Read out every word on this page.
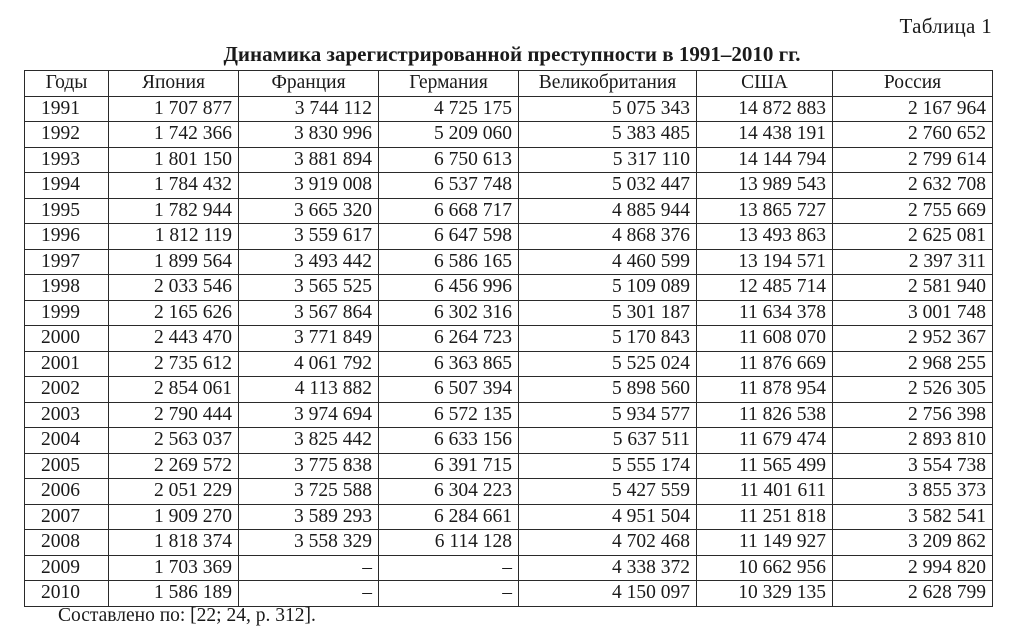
Таблица 1
Динамика зарегистрированной преступности в 1991–2010 гг.
Годы	Япония	Франция	Германия	Великобритания	США	Россия
1991	1 707 877	3 744 112	4 725 175	5 075 343	14 872 883	2 167 964
1992	1 742 366	3 830 996	5 209 060	5 383 485	14 438 191	2 760 652
1993	1 801 150	3 881 894	6 750 613	5 317 110	14 144 794	2 799 614
1994	1 784 432	3 919 008	6 537 748	5 032 447	13 989 543	2 632 708
1995	1 782 944	3 665 320	6 668 717	4 885 944	13 865 727	2 755 669
1996	1 812 119	3 559 617	6 647 598	4 868 376	13 493 863	2 625 081
1997	1 899 564	3 493 442	6 586 165	4 460 599	13 194 571	2 397 311
1998	2 033 546	3 565 525	6 456 996	5 109 089	12 485 714	2 581 940
1999	2 165 626	3 567 864	6 302 316	5 301 187	11 634 378	3 001 748
2000	2 443 470	3 771 849	6 264 723	5 170 843	11 608 070	2 952 367
2001	2 735 612	4 061 792	6 363 865	5 525 024	11 876 669	2 968 255
2002	2 854 061	4 113 882	6 507 394	5 898 560	11 878 954	2 526 305
2003	2 790 444	3 974 694	6 572 135	5 934 577	11 826 538	2 756 398
2004	2 563 037	3 825 442	6 633 156	5 637 511	11 679 474	2 893 810
2005	2 269 572	3 775 838	6 391 715	5 555 174	11 565 499	3 554 738
2006	2 051 229	3 725 588	6 304 223	5 427 559	11 401 611	3 855 373
2007	1 909 270	3 589 293	6 284 661	4 951 504	11 251 818	3 582 541
2008	1 818 374	3 558 329	6 114 128	4 702 468	11 149 927	3 209 862
2009	1 703 369	–	–	4 338 372	10 662 956	2 994 820
2010	1 586 189	–	–	4 150 097	10 329 135	2 628 799
Составлено по: [22; 24, р. 312].
